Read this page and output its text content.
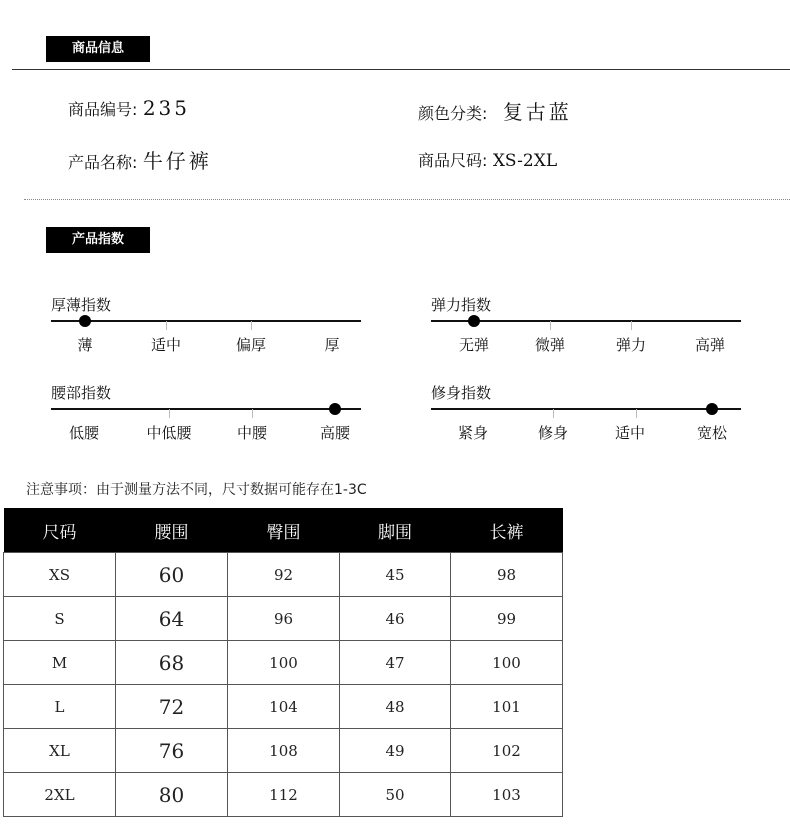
商品信息
商品编号: 235	颜色分类: 复古蓝
产品名称: 牛仔裤	商品尺码: XS-2XL
产品指数
厚薄指数
薄	适中	偏厚	厚
弹力指数
无弹	微弹	弹力	高弹
腰部指数
低腰	中低腰	中腰	高腰
修身指数
紧身	修身	适中	宽松
注意事项：由于测量方法不同，尺寸数据可能存在1-3C
尺码	腰围	臀围	脚围	长裤
XS	60	92	45	98
S	64	96	46	99
M	68	100	47	100
L	72	104	48	101
XL	76	108	49	102
2XL	80	112	50	103
